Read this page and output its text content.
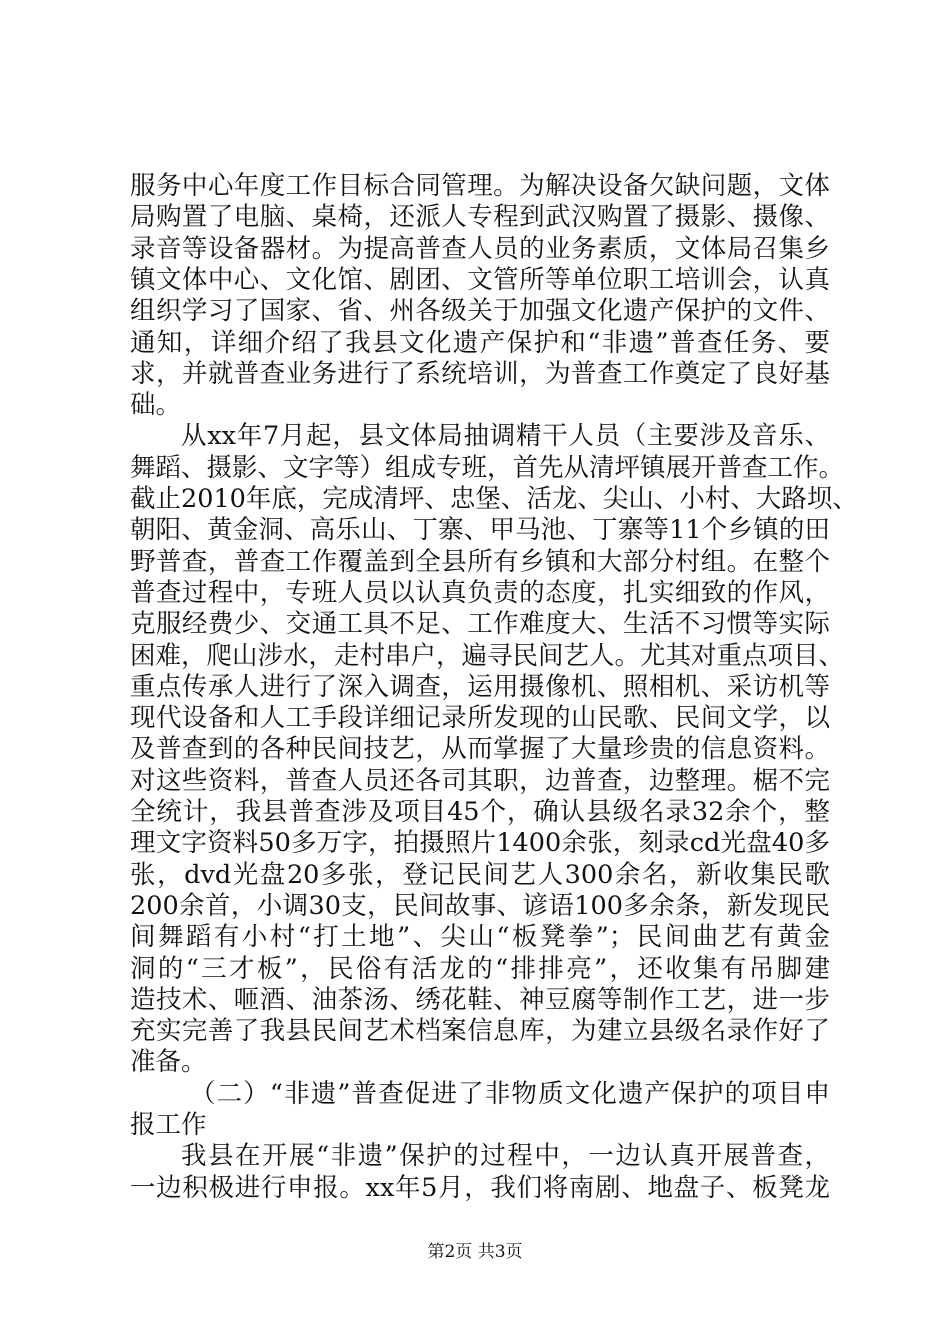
服务中心年度工作目标合同管理。为解决设备欠缺问题，文体
局购置了电脑、桌椅，还派人专程到武汉购置了摄影、摄像、
录音等设备器材。为提高普查人员的业务素质，文体局召集乡
镇文体中心、文化馆、剧团、文管所等单位职工培训会，认真
组织学习了国家、省、州各级关于加强文化遗产保护的文件、
通知，详细介绍了我县文化遗产保护和“非遗”普查任务、要
求，并就普查业务进行了系统培训，为普查工作奠定了良好基
础。
从xx年7月起，县文体局抽调精干人员（主要涉及音乐、
舞蹈、摄影、文字等）组成专班，首先从清坪镇展开普查工作。
截止2010年底，完成清坪、忠堡、活龙、尖山、小村、大路坝、
朝阳、黄金洞、高乐山、丁寨、甲马池、丁寨等11个乡镇的田
野普查，普查工作覆盖到全县所有乡镇和大部分村组。在整个
普查过程中，专班人员以认真负责的态度，扎实细致的作风，
克服经费少、交通工具不足、工作难度大、生活不习惯等实际
困难，爬山涉水，走村串户，遍寻民间艺人。尤其对重点项目、
重点传承人进行了深入调查，运用摄像机、照相机、采访机等
现代设备和人工手段详细记录所发现的山民歌、民间文学，以
及普查到的各种民间技艺，从而掌握了大量珍贵的信息资料。
对这些资料，普查人员还各司其职，边普查，边整理。椐不完
全统计，我县普查涉及项目45个，确认县级名录32余个，整
理文字资料50多万字，拍摄照片1400余张，刻录cd光盘40多
张，dvd光盘20多张，登记民间艺人300余名，新收集民歌
200余首，小调30支，民间故事、谚语100多余条，新发现民
间舞蹈有小村“打土地”、尖山“板凳拳”；民间曲艺有黄金
洞的“三才板”，民俗有活龙的“排排亮”，还收集有吊脚建
造技术、咂酒、油茶汤、绣花鞋、神豆腐等制作工艺，进一步
充实完善了我县民间艺术档案信息库，为建立县级名录作好了
准备。
（二）“非遗”普查促进了非物质文化遗产保护的项目申
报工作
我县在开展“非遗”保护的过程中，一边认真开展普查，
一边积极进行申报。xx年5月，我们将南剧、地盘子、板凳龙
第2页 共3页
